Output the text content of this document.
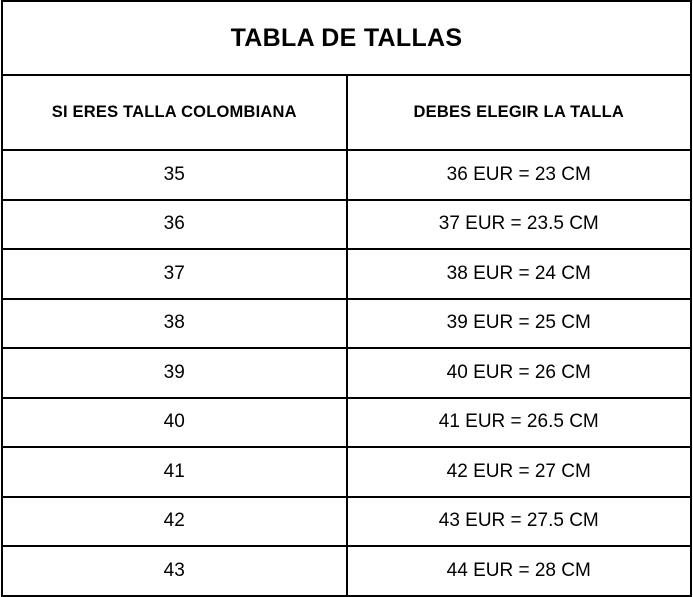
TABLA DE TALLAS	
SI ERES TALLA COLOMBIANA	DEBES ELEGIR LA TALLA
35	36 EUR = 23 CM
36	37 EUR = 23.5 CM
37	38 EUR = 24 CM
38	39 EUR = 25 CM
39	40 EUR = 26 CM
40	41 EUR = 26.5 CM
41	42 EUR = 27 CM
42	43 EUR = 27.5 CM
43	44 EUR = 28 CM
